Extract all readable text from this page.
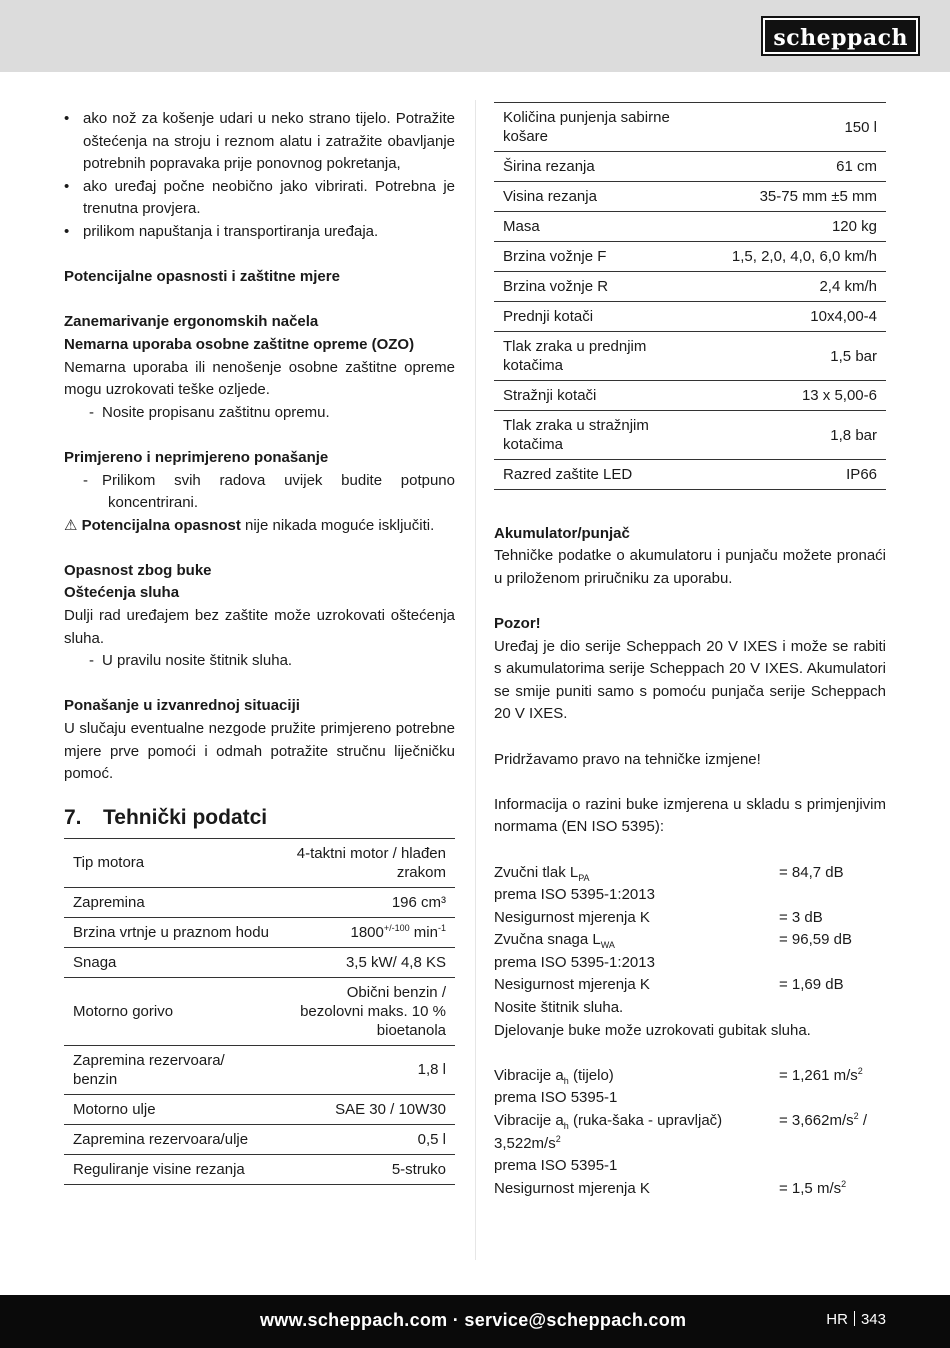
scheppach
• ako nož za košenje udari u neko strano tijelo. Potražite oštećenja na stroju i reznom alatu i zatražite obavljanje potrebnih popravaka prije ponovnog pokretanja,
• ako uređaj počne neobično jako vibrirati. Potrebna je trenutna provjera.
• prilikom napuštanja i transportiranja uređaja.
Potencijalne opasnosti i zaštitne mjere
Zanemarivanje ergonomskih načela
Nemarna uporaba osobne zaštitne opreme (OZO)
Nemarna uporaba ili nenošenje osobne zaštitne opreme mogu uzrokovati teške ozljede.
- Nosite propisanu zaštitnu opremu.
Primjereno i neprimjereno ponašanje
- Prilikom svih radova uvijek budite potpuno koncentrirani.
⚠ Potencijalna opasnost nije nikada moguće isključiti.
Opasnost zbog buke
Oštećenja sluha
Dulji rad uređajem bez zaštite može uzrokovati oštećenja sluha.
- U pravilu nosite štitnik sluha.
Ponašanje u izvanrednoj situaciji
U slučaju eventualne nezgode pružite primjereno potrebne mjere prve pomoći i odmah potražite stručnu liječničku pomoć.
7. Tehnički podatci
Tip motora	4-taktni motor / hlađen zrakom
Zapremina	196 cm³
Brzina vrtnje u praznom hodu	$1800^{+/-100}$ $\min^{-1}$
Snaga	3,5 kW/ 4,8 KS
Motorno gorivo	Obični benzin / bezolovni maks. 10 % bioetanola
Zapremina rezervoara/ benzin	1,8 l
Motorno ulje	SAE 30 / 10W30
Zapremina rezervoara/ulje	0,5 l
Reguliranje visine rezanja	5-struko
Količina punjenja sabirne košare	150 l
Širina rezanja	61 cm
Visina rezanja	35-75 mm ±5 mm
Masa	120 kg
Brzina vožnje F	1,5, 2,0, 4,0, 6,0 km/h
Brzina vožnje R	2,4 km/h
Prednji kotači	10x4,00-4
Tlak zraka u prednjim kotačima	1,5 bar
Stražnji kotači	13 x 5,00-6
Tlak zraka u stražnjim kotačima	1,8 bar
Razred zaštite LED	IP66
Akumulator/punjač
Tehničke podatke o akumulatoru i punjaču možete pronaći u priloženom priručniku za uporabu.
Pozor!
Uređaj je dio serije Scheppach 20 V IXES i može se rabiti s akumulatorima serije Scheppach 20 V IXES. Akumulatori se smije puniti samo s pomoću punjača serije Scheppach 20 V IXES.
Pridržavamo pravo na tehničke izmjene!
Informacija o razini buke izmjerena u skladu s primjenjivim normama (EN ISO 5395):
Zvučni tlak $L_{PA}$	= 84,7 dB
prema ISO 5395-1:2013
Nesigurnost mjerenja K	= 3 dB
Zvučna snaga $L_{WA}$	= 96,59 dB
prema ISO 5395-1:2013
Nesigurnost mjerenja K	= 1,69 dB
Nosite štitnik sluha.
Djelovanje buke može uzrokovati gubitak sluha.
Vibracije $a_h$ (tijelo)	= 1,261 $m/s^2$
prema ISO 5395-1
Vibracije $a_h$ (ruka-šaka - upravljač)	= $3,662m/s^2$ /
$3,522m/s^2$
prema ISO 5395-1
Nesigurnost mjerenja K	= 1,5 $m/s^2$
www.scheppach.com · service@scheppach.com	HR 343
